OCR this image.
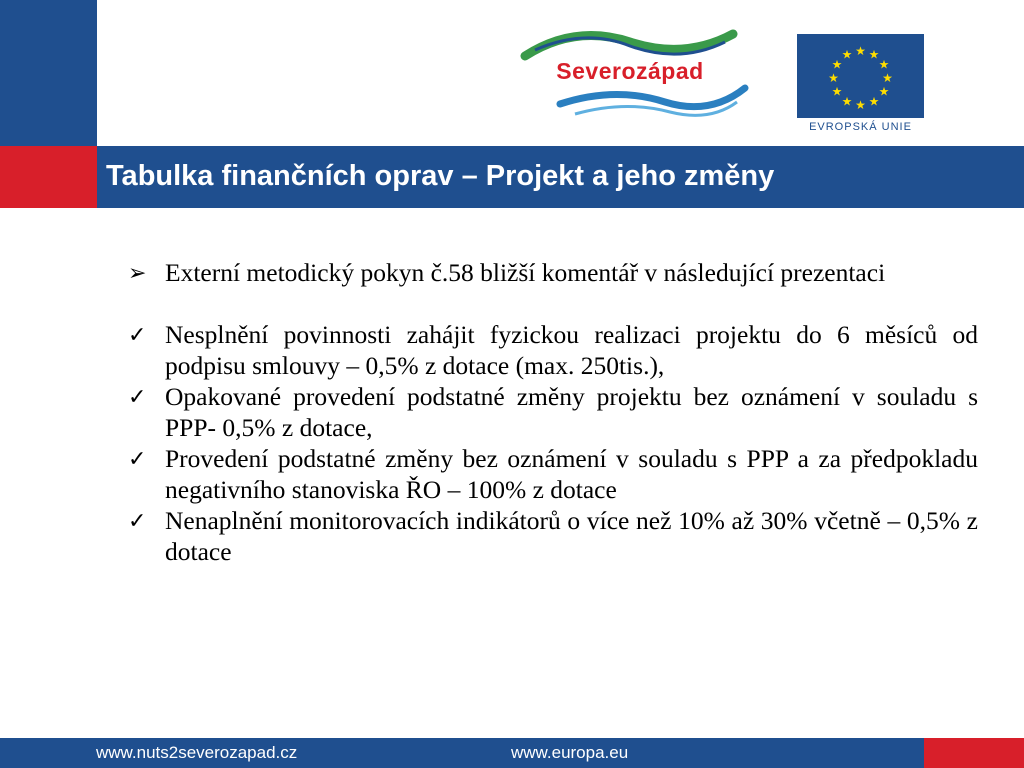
Tabulka finančních oprav – Projekt a jeho změny
Severozápad
★ ★
★
★
★
★
★
★
★
★
★
★
EVROPSKÁ UNIE
➢ Externí metodický pokyn č.58 bližší komentář v následující prezentaci
✓ Nesplnění povinnosti zahájit fyzickou realizaci projektu do 6 měsíců od podpisu smlouvy – 0,5% z dotace (max. 250tis.),
✓ Opakované provedení podstatné změny projektu bez oznámení v souladu s PPP- 0,5% z dotace,
✓ Provedení podstatné změny bez oznámení v souladu s PPP a za předpokladu negativního stanoviska ŘO – 100% z dotace
✓ Nenaplnění monitorovacích indikátorů o více než 10% až 30% včetně – 0,5% z dotace
www.nuts2severozapad.cz	www.europa.eu
